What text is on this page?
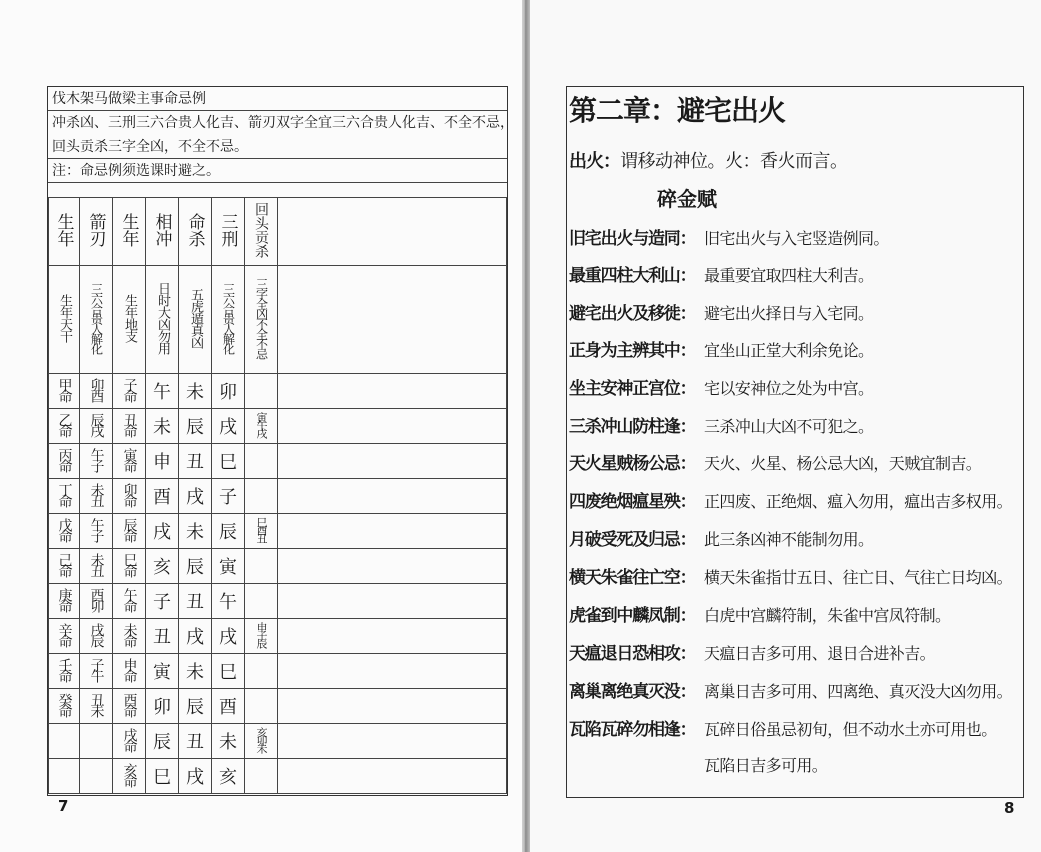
伐木架马做梁主事命忌例
冲杀凶、三刑三六合贵人化吉、箭刃双字全宜三六合贵人化吉、不全不忌，
回头贡杀三字全凶，不全不忌。
注：命忌例须选课时避之。
生年	箭刃	生年	相冲	命杀	三刑	回头贡杀	
生年天干	三六合贵人解化	生年地支	日时大凶勿用	五虎遁真凶	三六合贵人解化	三字全凶不全不忌	
甲命	卯酉	子命	午	未	卯		
乙命	辰戌	丑命	未	辰	戌	寅午戌	
丙命	午子	寅命	申	丑	巳		
丁命	未丑	卯命	酉	戌	子		
戊命	午子	辰命	戌	未	辰	巳酉丑	
己命	未丑	巳命	亥	辰	寅		
庚命	酉卯	午命	子	丑	午		
辛命	戌辰	未命	丑	戌	戌	申子辰	
壬命	子午	申命	寅	未	巳		
癸命	丑未	酉命	卯	辰	酉		
		戌命	辰	丑	未	亥卯未	
		亥命	巳	戌	亥		
7
第二章：避宅出火
出火：谓移动神位。火：香火而言。
碎金赋
旧宅出火与造同： 旧宅出火与入宅竖造例同。
最重四柱大利山： 最重要宜取四柱大利吉。
避宅出火及移徙： 避宅出火择日与入宅同。
正身为主辨其中： 宜坐山正堂大利余免论。
坐主安神正宫位： 宅以安神位之处为中宫。
三杀冲山防柱逢： 三杀冲山大凶不可犯之。
天火星贼杨公忌： 天火、火星、杨公忌大凶，天贼宜制吉。
四废绝烟瘟星殃： 正四废、正绝烟、瘟入勿用，瘟出吉多权用。
月破受死及归忌： 此三条凶神不能制勿用。
横天朱雀往亡空： 横天朱雀指廿五日、往亡日、气往亡日均凶。
虎雀到中麟凤制： 白虎中宫麟符制，朱雀中宫凤符制。
天瘟退日恐相攻： 天瘟日吉多可用、退日合进补吉。
离巢离绝真灭没： 离巢日吉多可用、四离绝、真灭没大凶勿用。
瓦陷瓦碎勿相逢： 瓦碎日俗虽忌初旬，但不动水土亦可用也。
瓦陷日吉多可用。
8
